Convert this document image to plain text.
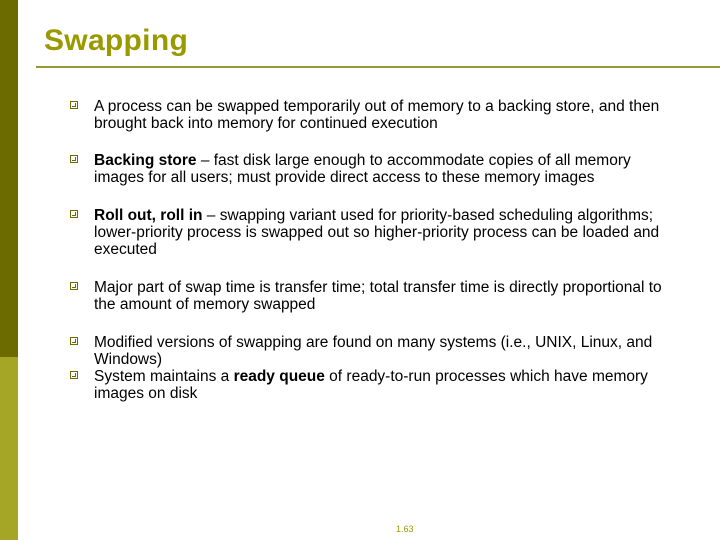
Swapping
A process can be swapped temporarily out of memory to a backing store, and then brought back into memory for continued execution
Backing store – fast disk large enough to accommodate copies of all memory images for all users; must provide direct access to these memory images
Roll out, roll in – swapping variant used for priority-based scheduling algorithms; lower-priority process is swapped out so higher-priority process can be loaded and executed
Major part of swap time is transfer time; total transfer time is directly proportional to the amount of memory swapped
Modified versions of swapping are found on many systems (i.e., UNIX, Linux, and Windows)
System maintains a ready queue of ready-to-run processes which have memory images on disk
1.63
